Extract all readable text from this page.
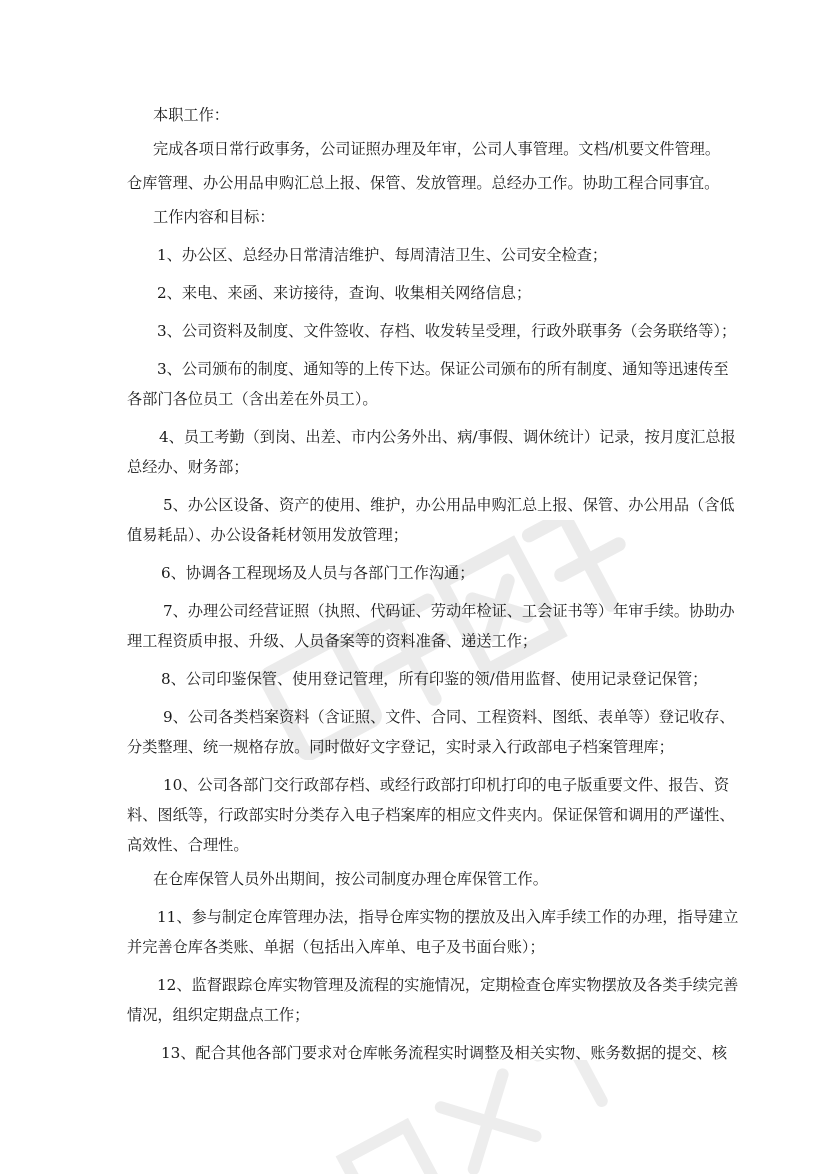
本职工作：

完成各项日常行政事务，公司证照办理及年审，公司人事管理。文档/机要文件管理。

仓库管理、办公用品申购汇总上报、保管、发放管理。总经办工作。协助工程合同事宜。

工作内容和目标：

1、办公区、总经办日常清洁维护、每周清洁卫生、公司安全检查；

2、来电、来函、来访接待，查询、收集相关网络信息；

3、公司资料及制度、文件签收、存档、收发转呈受理，行政外联事务（会务联络等）；

3、公司颁布的制度、通知等的上传下达。保证公司颁布的所有制度、通知等迅速传至

各部门各位员工（含出差在外员工）。

4、员工考勤（到岗、出差、市内公务外出、病/事假、调休统计）记录，按月度汇总报

总经办、财务部；

5、办公区设备、资产的使用、维护，办公用品申购汇总上报、保管、办公用品（含低

值易耗品）、办公设备耗材领用发放管理；

6、协调各工程现场及人员与各部门工作沟通；

7、办理公司经营证照（执照、代码证、劳动年检证、工会证书等）年审手续。协助办

理工程资质申报、升级、人员备案等的资料准备、递送工作；

8、公司印鉴保管、使用登记管理，所有印鉴的领/借用监督、使用记录登记保管；

9、公司各类档案资料（含证照、文件、合同、工程资料、图纸、表单等）登记收存、

分类整理、统一规格存放。同时做好文字登记，实时录入行政部电子档案管理库；

10、公司各部门交行政部存档、或经行政部打印机打印的电子版重要文件、报告、资

料、图纸等，行政部实时分类存入电子档案库的相应文件夹内。保证保管和调用的严谨性、

高效性、合理性。

在仓库保管人员外出期间，按公司制度办理仓库保管工作。

11、参与制定仓库管理办法，指导仓库实物的摆放及出入库手续工作的办理，指导建立

并完善仓库各类账、单据（包括出入库单、电子及书面台账）；

12、监督跟踪仓库实物管理及流程的实施情况，定期检查仓库实物摆放及各类手续完善

情况，组织定期盘点工作；

13、配合其他各部门要求对仓库帐务流程实时调整及相关实物、账务数据的提交、核
